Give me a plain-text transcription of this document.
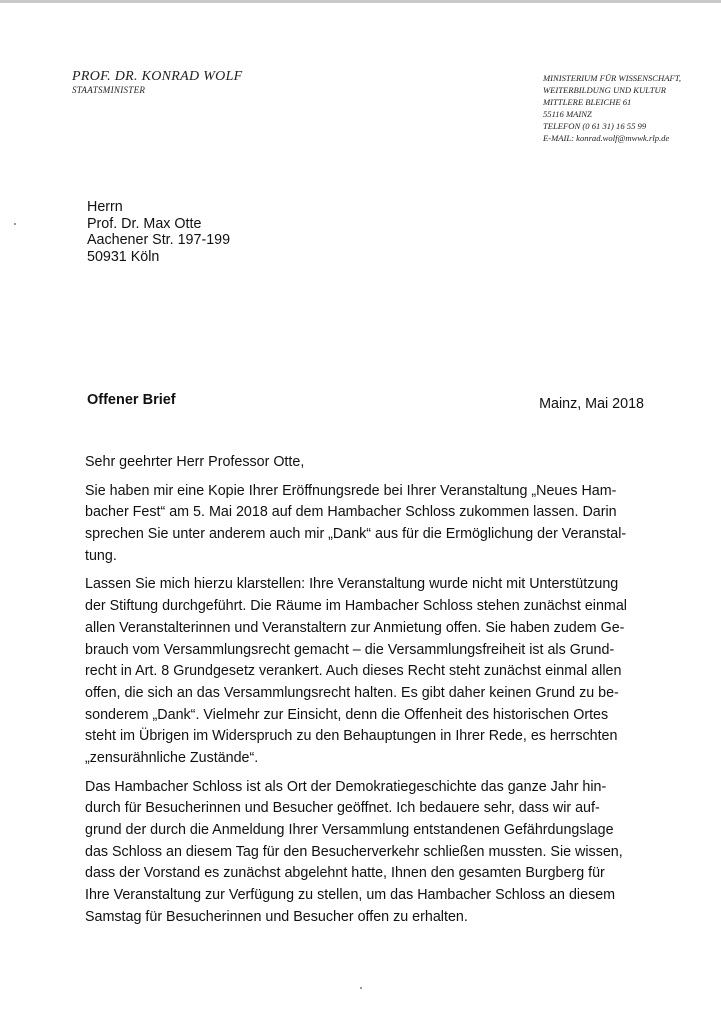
PROF. DR. KONRAD WOLF
STAATSMINISTER
MINISTERIUM FÜR WISSENSCHAFT,
WEITERBILDUNG UND KULTUR
MITTLERE BLEICHE 61
55116 MAINZ
TELEFON (0 61 31) 16 55 99
E-MAIL: konrad.wolf@mwwk.rlp.de
Herrn
Prof. Dr. Max Otte
Aachener Str. 197-199
50931 Köln
Offener Brief	Mainz, Mai 2018
Sehr geehrter Herr Professor Otte,
Sie haben mir eine Kopie Ihrer Eröffnungsrede bei Ihrer Veranstaltung „Neues Ham-
bacher Fest“ am 5. Mai 2018 auf dem Hambacher Schloss zukommen lassen. Darin
sprechen Sie unter anderem auch mir „Dank“ aus für die Ermöglichung der Veranstal-
tung.
Lassen Sie mich hierzu klarstellen: Ihre Veranstaltung wurde nicht mit Unterstützung
der Stiftung durchgeführt. Die Räume im Hambacher Schloss stehen zunächst einmal
allen Veranstalterinnen und Veranstaltern zur Anmietung offen. Sie haben zudem Ge-
brauch vom Versammlungsrecht gemacht – die Versammlungsfreiheit ist als Grund-
recht in Art. 8 Grundgesetz verankert. Auch dieses Recht steht zunächst einmal allen
offen, die sich an das Versammlungsrecht halten. Es gibt daher keinen Grund zu be-
sonderem „Dank“. Vielmehr zur Einsicht, denn die Offenheit des historischen Ortes
steht im Übrigen im Widerspruch zu den Behauptungen in Ihrer Rede, es herrschten
„zensurähnliche Zustände“.
Das Hambacher Schloss ist als Ort der Demokratiegeschichte das ganze Jahr hin-
durch für Besucherinnen und Besucher geöffnet. Ich bedauere sehr, dass wir auf-
grund der durch die Anmeldung Ihrer Versammlung entstandenen Gefährdungslage
das Schloss an diesem Tag für den Besucherverkehr schließen mussten. Sie wissen,
dass der Vorstand es zunächst abgelehnt hatte, Ihnen den gesamten Burgberg für
Ihre Veranstaltung zur Verfügung zu stellen, um das Hambacher Schloss an diesem
Samstag für Besucherinnen und Besucher offen zu erhalten.
